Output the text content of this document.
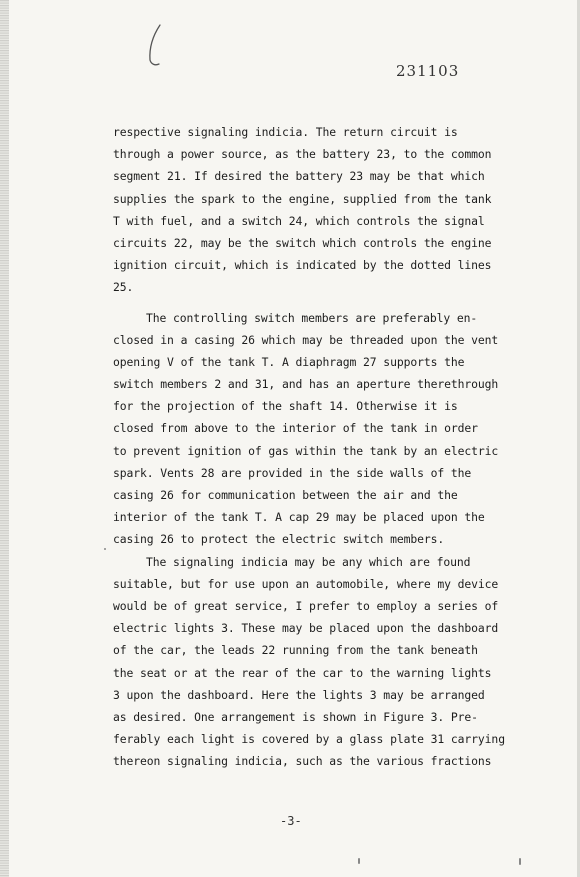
231103
respective signaling indicia. The return circuit is
through a power source, as the battery 23, to the common
segment 21. If desired the battery 23 may be that which
supplies the spark to the engine, supplied from the tank
T with fuel, and a switch 24, which controls the signal
circuits 22, may be the switch which controls the engine
ignition circuit, which is indicated by the dotted lines
25.
The controlling switch members are preferably en-
closed in a casing 26 which may be threaded upon the vent
opening V of the tank T. A diaphragm 27 supports the
switch members 2 and 31, and has an aperture therethrough
for the projection of the shaft 14. Otherwise it is
closed from above to the interior of the tank in order
to prevent ignition of gas within the tank by an electric
spark. Vents 28 are provided in the side walls of the
casing 26 for communication between the air and the
interior of the tank T. A cap 29 may be placed upon the
casing 26 to protect the electric switch members.
The signaling indicia may be any which are found
suitable, but for use upon an automobile, where my device
would be of great service, I prefer to employ a series of
electric lights 3. These may be placed upon the dashboard
of the car, the leads 22 running from the tank beneath
the seat or at the rear of the car to the warning lights
3 upon the dashboard. Here the lights 3 may be arranged
as desired. One arrangement is shown in Figure 3. Pre-
ferably each light is covered by a glass plate 31 carrying
thereon signaling indicia, such as the various fractions
-3-
